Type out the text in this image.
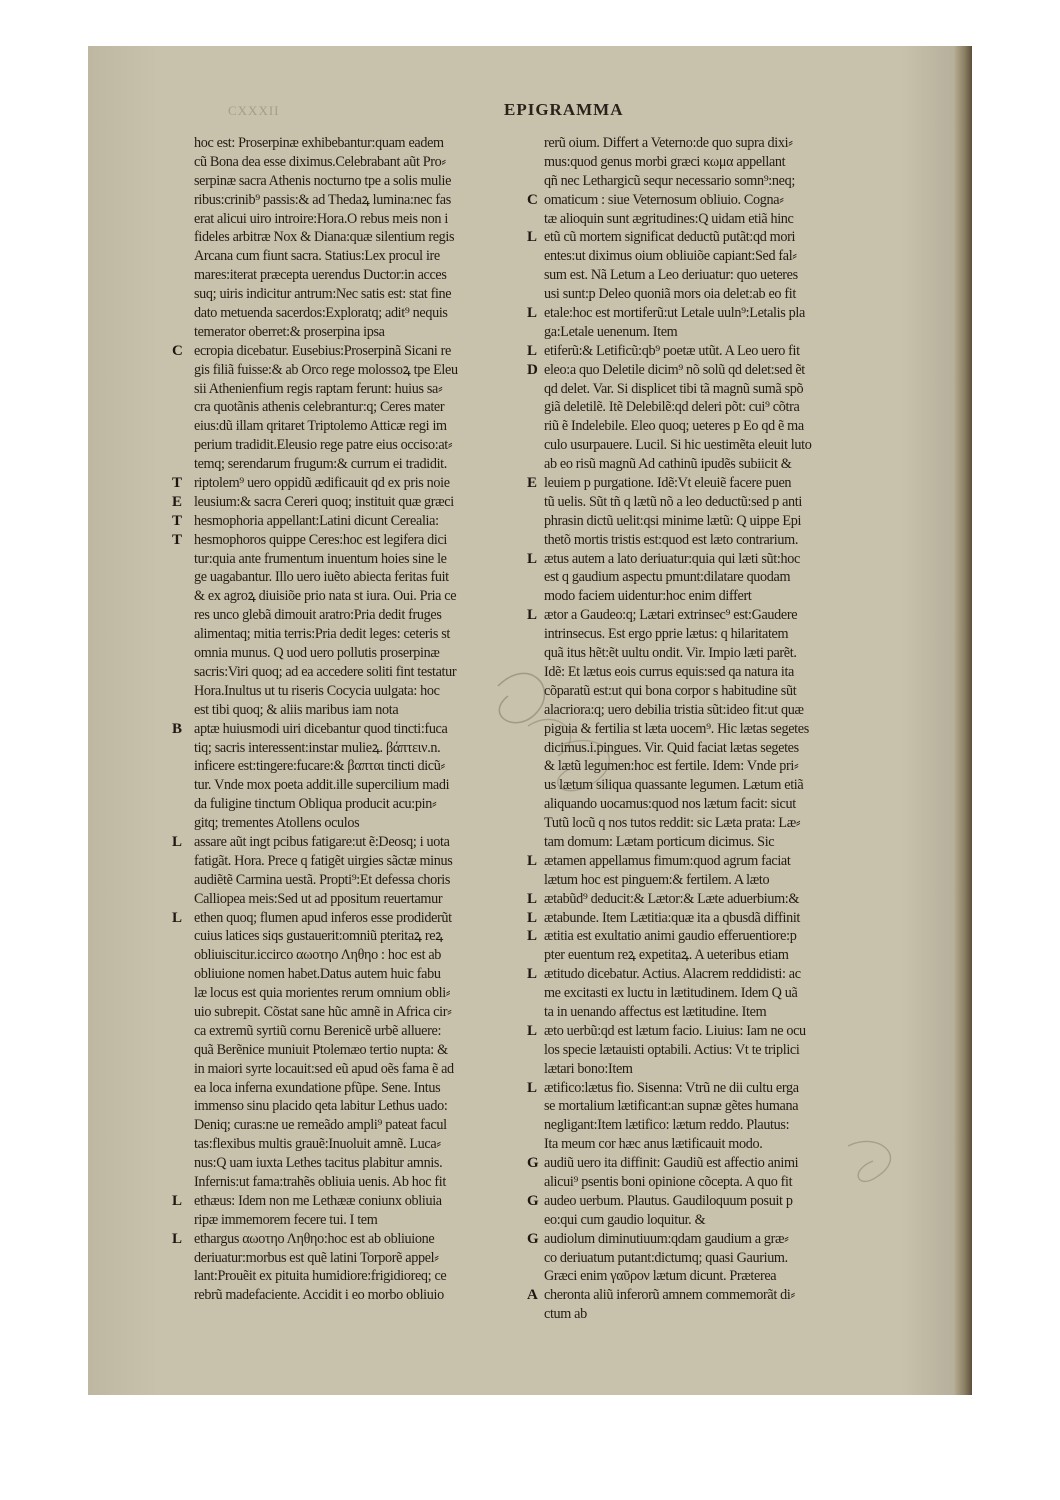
CXXXII	EPIGRAMMA
hoc est: Proserpinæ exhibebantur:quam eadem
cũ Bona dea esse diximus.Celebrabant aũt Pro⸗
serpinæ sacra Athenis nocturno tpe a solis mulie
ribus:crinib⁹ passis:& ad Thedaꝝ lumina:nec fas
erat alicui uiro introire:Hora.O rebus meis non i
fideles arbitræ Nox & Diana:quæ silentium regis
Arcana cum fiunt sacra. Statius:Lex procul ire
mares:iterat præcepta uerendus Ductor:in acces
suq; uiris indicitur antrum:Nec satis est: stat fine
dato metuenda sacerdos:Exploratq; adit⁹ nequis
temerator oberret:& proserpina ipsa
C ecropia dicebatur. Eusebius:Proserpinã Sicani re
gis filiã fuisse:& ab Orco rege molossoꝝ tpe Eleu
sii Athenienfium regis raptam ferunt: huius sa⸗
cra quotãnis athenis celebrantur:q; Ceres mater
eius:dũ illam qritaret Triptolemo Atticæ regi im
perium tradidit.Eleusio rege patre eius occiso:at⸗
temq; serendarum frugum:& currum ei tradidit.
T riptolem⁹ uero oppidũ ædificauit qd ex pris noie
E leusium:& sacra Cereri quoq; instituit quæ græci
T hesmophoria appellant:Latini dicunt Cerealia:
T hesmophoros quippe Ceres:hoc est legifera dici
tur:quia ante frumentum inuentum hoies sine le
ge uagabantur. Illo uero iuẽto abiecta feritas fuit
& ex agroꝝ diuisiõe prio nata st iura. Oui. Pria ce
res unco glebã dimouit aratro:Pria dedit fruges
alimentaq; mitia terris:Pria dedit leges: ceteris st
omnia munus. Q uod uero pollutis proserpinæ
sacris:Viri quoq; ad ea accedere soliti fint testatur
Hora.Inultus ut tu riseris Cocycia uulgata: hoc
est tibi quoq; & aliis maribus iam nota
B aptæ huiusmodi uiri dicebantur quod tincti:fuca
tiq; sacris interessent:instar mulieꝝ. βάπτειν.n.
inficere est:tingere:fucare:& βαπται tincti dicũ⸗
tur. Vnde mox poeta addit.ille supercilium madi
da fuligine tinctum Obliqua producit acu:pin⸗
gitq; trementes Atollens oculos
L assare aũt ingt pcibus fatigare:ut ẽ:Deosq; i uota
fatigãt. Hora. Prece q fatigẽt uirgies sãctæ minus
audiẽtẽ Carmina uestã. Propti⁹:Et defessa choris
Calliopea meis:Sed ut ad ppositum reuertamur
L ethen quoq; flumen apud inferos esse prodiderũt
cuius latices siqs gustauerit:omniũ pteritaꝝ reꝝ
obliuiscitur.iccirco αωοτηο Ληθηο : hoc est ab
obliuione nomen habet.Datus autem huic fabu
læ locus est quia morientes rerum omnium obli⸗
uio subrepit. Cõstat sane hũc amnẽ in Africa cir⸗
ca extremũ syrtiũ cornu Berenicẽ urbẽ alluere:
quã Berẽnice muniuit Ptolemæo tertio nupta: &
in maiori syrte locauit:sed eũ apud oẽs fama ẽ ad
ea loca inferna exundatione pfũpe. Sene. Intus
immenso sinu placido qeta labitur Lethus uado:
Deniq; curas:ne ue remeãdo ampli⁹ pateat facul
tas:flexibus multis grauẽ:Inuoluit amnẽ. Luca⸗
nus:Q uam iuxta Lethes tacitus plabitur amnis.
Infernis:ut fama:trahẽs obliuia uenis. Ab hoc fit
L ethæus: Idem non me Lethææ coniunx obliuia
ripæ immemorem fecere tui. I tem
L ethargus αωοτηο Ληθηο:hoc est ab obliuione
deriuatur:morbus est quẽ latini Torporẽ appel⸗
lant:Prouẽit ex pituita humidiore:frigidioreq; ce
rebrũ madefaciente. Accidit i eo morbo obliuio
rerũ oium. Differt a Veterno:de quo supra dixi⸗
mus:quod genus morbi græci κωμα appellant
qñ nec Lethargicũ sequr necessario somn⁹:neq;
C omaticum : siue Veternosum obliuio. Cogna⸗
tæ alioquin sunt ægritudines:Q uidam etiã hinc
L etũ cũ mortem significat deductũ putãt:qd mori
entes:ut diximus oium obliuiõe capiant:Sed fal⸗
sum est. Nã Letum a Leo deriuatur: quo ueteres
usi sunt:p Deleo quoniã mors oia delet:ab eo fit
L etale:hoc est mortiferũ:ut Letale uuln⁹:Letalis pla
ga:Letale uenenum. Item
L etiferũ:& Letificũ:qb⁹ poetæ utũt. A Leo uero fit
D eleo:a quo Deletile dicim⁹ nõ solũ qd delet:sed ẽt
qd delet. Var. Si displicet tibi tã magnũ sumã spõ
giã deletilẽ. Itẽ Delebilẽ:qd deleri põt: cui⁹ cõtra
riũ ẽ Indelebile. Eleo quoq; ueteres p Eo qd ẽ ma
culo usurpauere. Lucil. Si hic uestimẽta eleuit luto
ab eo risũ magnũ Ad cathinũ ipudẽs subiicit &
E leuiem p purgatione. Idẽ:Vt eleuiẽ facere puen
tũ uelis. Sũt tñ q lætũ nõ a leo deductũ:sed p anti
phrasin dictũ uelit:qsi minime lætũ: Q uippe Epi
thetõ mortis tristis est:quod est læto contrarium.
L ætus autem a lato deriuatur:quia qui læti sũt:hoc
est q gaudium aspectu pmunt:dilatare quodam
modo faciem uidentur:hoc enim differt
L ætor a Gaudeo:q; Lætari extrinsec⁹ est:Gaudere
intrinsecus. Est ergo pprie lætus: q hilaritatem
quã itus hẽt:ẽt uultu ondit. Vir. Impio læti parẽt.
Idẽ: Et lætus eois currus equis:sed qa natura ita
cõparatũ est:ut qui bona corpor s habitudine sũt
alacriora:q; uero debilia tristia sũt:ideo fit:ut quæ
piguia & fertilia st læta uocem⁹. Hic lætas segetes
dicimus.i.pingues. Vir. Quid faciat lætas segetes
& lætũ legumen:hoc est fertile. Idem: Vnde pri⸗
us lætum siliqua quassante legumen. Lætum etiã
aliquando uocamus:quod nos lætum facit: sicut
Tutũ locũ q nos tutos reddit: sic Læta prata: Læ⸗
tam domum: Lætam porticum dicimus. Sic
L ætamen appellamus fimum:quod agrum faciat
lætum hoc est pinguem:& fertilem. A læto
L ætabũd⁹ deducit:& Lætor:& Læte aduerbium:&
L ætabunde. Item Lætitia:quæ ita a qbusdã diffinit
L ætitia est exultatio animi gaudio efferuentiore:p
pter euentum reꝝ expetitaꝝ. A ueteribus etiam
L ætitudo dicebatur. Actius. Alacrem reddidisti: ac
me excitasti ex luctu in lætitudinem. Idem Q uã
ta in uenando affectus est lætitudine. Item
L æto uerbũ:qd est lætum facio. Liuius: Iam ne ocu
los specie lætauisti optabili. Actius: Vt te triplici
lætari bono:Item
L ætifico:lætus fio. Sisenna: Vtrũ ne dii cultu erga
se mortalium lætificant:an supnæ gẽtes humana
negligant:Item lætifico: lætum reddo. Plautus:
Ita meum cor hæc anus lætificauit modo.
G audiũ uero ita diffinit: Gaudiũ est affectio animi
alicui⁹ psentis boni opinione cõcepta. A quo fit
G audeo uerbum. Plautus. Gaudiloquum posuit p
eo:qui cum gaudio loquitur. &
G audiolum diminutiuum:qdam gaudium a græ⸗
co deriuatum putant:dictumq; quasi Gaurium.
Græci enim γαῦρον lætum dicunt. Præterea
A cheronta aliũ inferorũ amnem commemorãt di⸗
ctum ab
